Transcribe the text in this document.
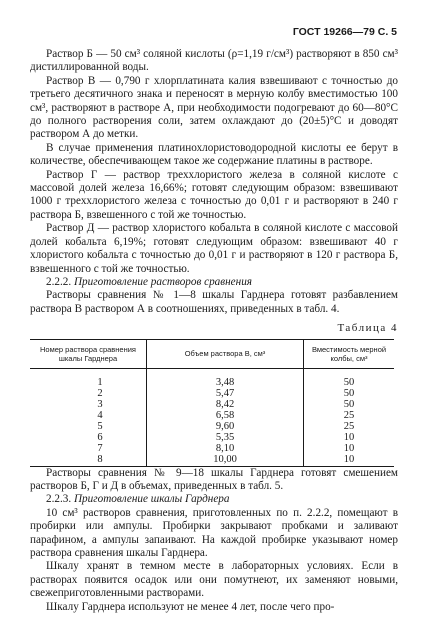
ГОСТ 19266—79 С. 5

Раствор Б — 50 см³ соляной кислоты (ρ=1,19 г/см³) растворяют в 850 см³ дистиллированной воды.

Раствор В — 0,790 г хлорплатината калия взвешивают с точностью до третьего десятичного знака и переносят в мерную колбу вместимостью 100 см³, растворяют в растворе А, при необходимости подогревают до 60—80°С до полного растворения соли, затем охлаждают до (20±5)°С и доводят раствором А до метки.

В случае применения платинохлористоводородной кислоты ее берут в количестве, обеспечивающем такое же содержание платины в растворе.

Раствор Г — раствор треххлористого железа в соляной кислоте с массовой долей железа 16,66%; готовят следующим образом: взвешивают 1000 г треххлористого железа с точностью до 0,01 г и растворяют в 240 г раствора Б, взвешенного с той же точностью.

Раствор Д — раствор хлористого кобальта в соляной кислоте с массовой долей кобальта 6,19%; готовят следующим образом: взвешивают 40 г хлористого кобальта с точностью до 0,01 г и растворяют в 120 г раствора Б, взвешенного с той же точностью.

2.2.2. Приготовление растворов сравнения

Растворы сравнения № 1—8 шкалы Гарднера готовят разбавлением раствора В раствором А в соотношениях, приведенных в табл. 4.

Таблица 4
Номер раствора сравнения шкалы Гарднера	Объем раствора В, см³	Вместимость мерной колбы, см³
1	3,48	50
2	5,47	50
3	8,42	50
4	6,58	25
5	9,60	25
6	5,35	10
7	8,10	10
8	10,00	10

Растворы сравнения № 9—18 шкалы Гарднера готовят смешением растворов Б, Г и Д в объемах, приведенных в табл. 5.

2.2.3. Приготовление шкалы Гарднера

10 см³ растворов сравнения, приготовленных по п. 2.2.2, помещают в пробирки или ампулы. Пробирки закрывают пробками и заливают парафином, а ампулы запаивают. На каждой пробирке указывают номер раствора сравнения шкалы Гарднера.

Шкалу хранят в темном месте в лабораторных условиях. Если в растворах появится осадок или они помутнеют, их заменяют новыми, свежеприготовленными растворами.

Шкалу Гарднера используют не менее 4 лет, после чего про-
